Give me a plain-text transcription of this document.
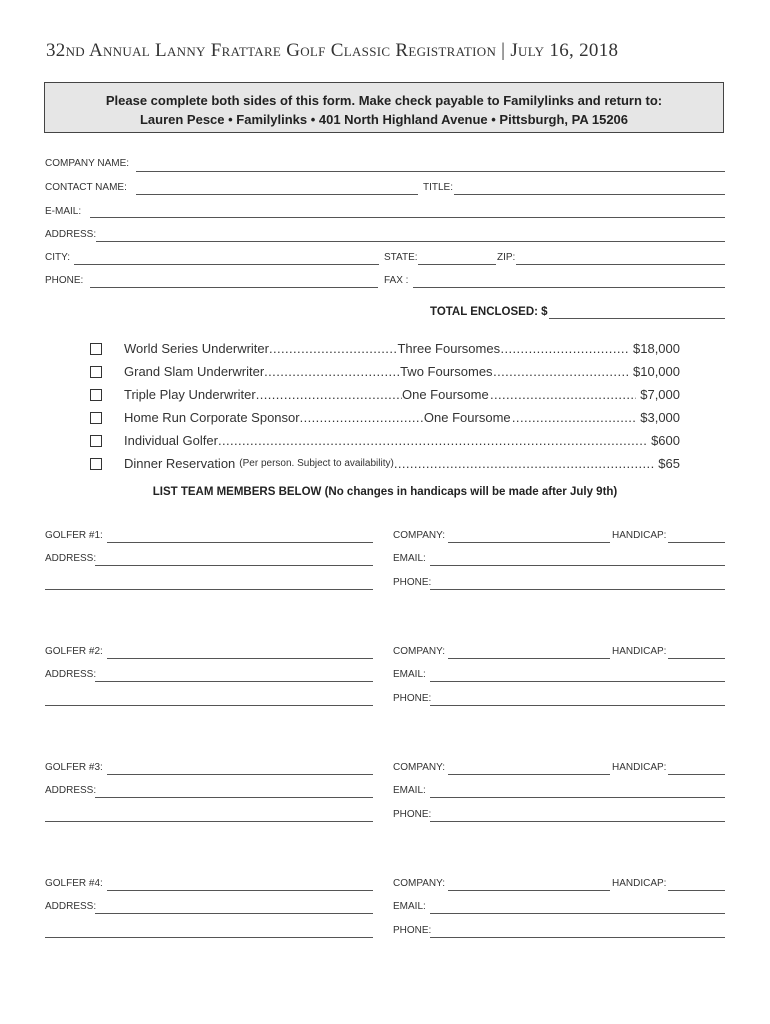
32nd Annual Lanny Frattare Golf Classic Registration | July 16, 2018
Please complete both sides of this form. Make check payable to Familylinks and return to:
Lauren Pesce • Familylinks • 401 North Highland Avenue • Pittsburgh, PA 15206
COMPANY NAME:
CONTACT NAME:	TITLE:
E-MAIL:
ADDRESS:
CITY:	STATE:	ZIP:
PHONE:	FAX :
TOTAL ENCLOSED: $
World Series Underwriter .....	Three Foursomes .....	$18,000
Grand Slam Underwriter .....	Two Foursomes .....	$10,000
Triple Play Underwriter .....	One Foursome .....	$7,000
Home Run Corporate Sponsor .....	One Foursome .....	$3,000
Individual Golfer .....	$600
Dinner Reservation (Per person. Subject to availability) .....	$65
LIST TEAM MEMBERS BELOW (No changes in handicaps will be made after July 9th)
GOLFER #1:	COMPANY:	HANDICAP:
ADDRESS:	EMAIL:
PHONE:
GOLFER #2:	COMPANY:	HANDICAP:
ADDRESS:	EMAIL:
PHONE:
GOLFER #3:	COMPANY:	HANDICAP:
ADDRESS:	EMAIL:
PHONE:
GOLFER #4:	COMPANY:	HANDICAP:
ADDRESS:	EMAIL:
PHONE:
